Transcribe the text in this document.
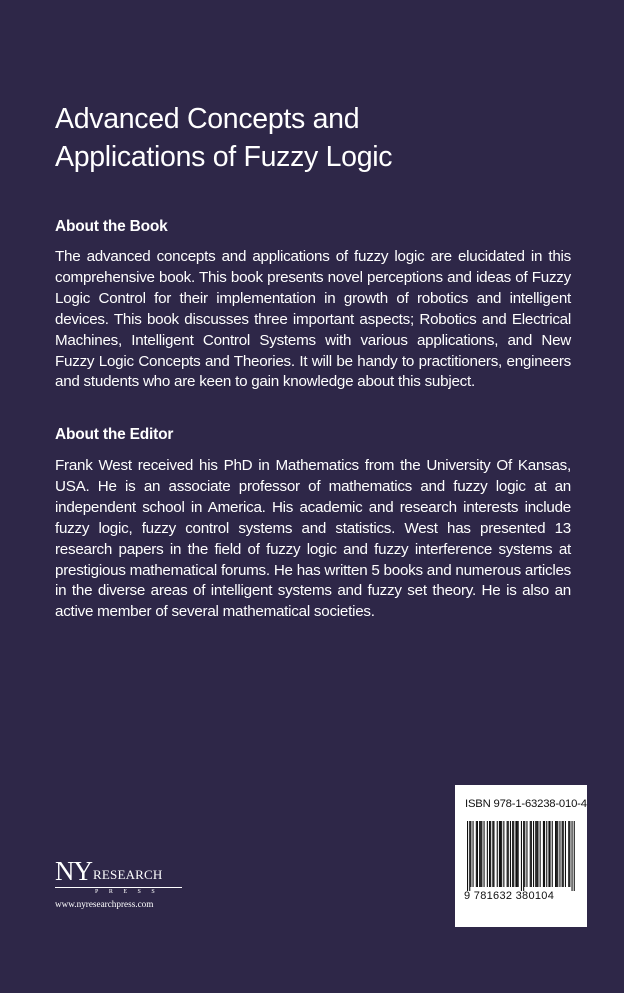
Advanced Concepts and
Applications of Fuzzy Logic
About the Book

The advanced concepts and applications of fuzzy logic are elucidated in this comprehensive book. This book presents novel perceptions and ideas of Fuzzy Logic Control for their implementation in growth of robotics and intelligent devices. This book discusses three important aspects; Robotics and Electrical Machines, Intelligent Control Systems with various applications, and New Fuzzy Logic Concepts and Theories. It will be handy to practitioners, engineers and students who are keen to gain knowledge about this subject.

About the Editor

Frank West received his PhD in Mathematics from the University Of Kansas, USA. He is an associate professor of mathematics and fuzzy logic at an independent school in America. His academic and research interests include fuzzy logic, fuzzy control systems and statistics. West has presented 13 research papers in the field of fuzzy logic and fuzzy interference systems at prestigious mathematical forums. He has written 5 books and numerous articles in the diverse areas of intelligent systems and fuzzy set theory. He is also an active member of several mathematical societies.

NY RESEARCH
PRESS
www.nyresearchpress.com
ISBN 978-1-63238-010-4
9 781632 380104
